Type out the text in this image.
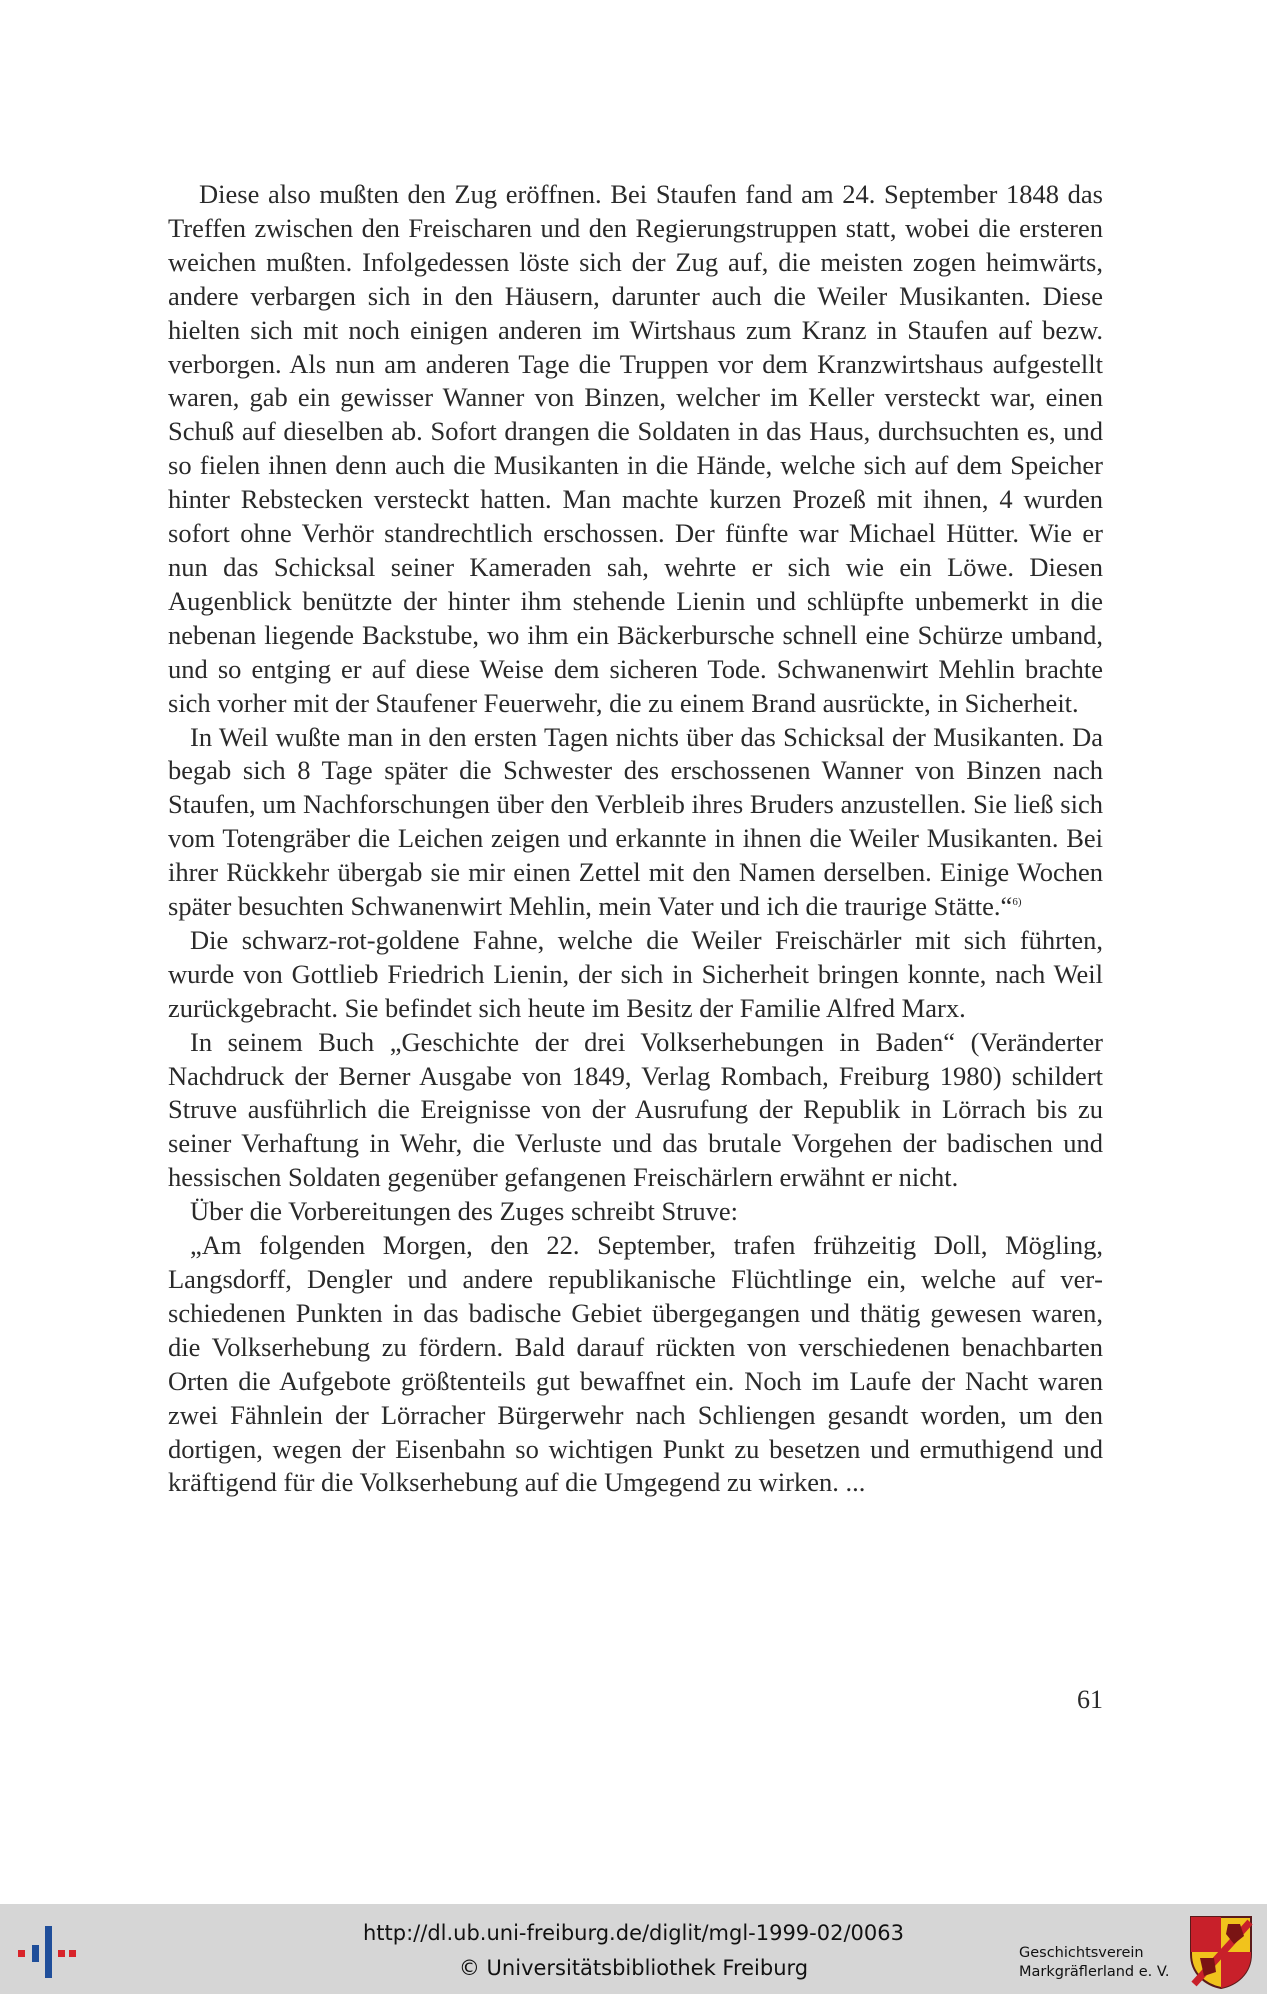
Diese also mußten den Zug eröffnen. Bei Staufen fand am 24. September 1848 das Treffen zwischen den Freischaren und den Regierungstruppen statt, wobei die ersteren weichen mußten. Infolgedessen löste sich der Zug auf, die meisten zogen heimwärts, andere verbargen sich in den Häusern, darunter auch die Weiler Musikanten. Diese hielten sich mit noch einigen anderen im Wirtshaus zum Kranz in Staufen auf bezw. verborgen. Als nun am anderen Tage die Truppen vor dem Kranzwirtshaus aufgestellt waren, gab ein gewisser Wanner von Binzen, welcher im Keller versteckt war, einen Schuß auf dieselben ab. Sofort drangen die Soldaten in das Haus, durchsuchten es, und so fielen ihnen denn auch die Musikanten in die Hände, welche sich auf dem Speicher hinter Rebstecken versteckt hatten. Man machte kurzen Prozeß mit ihnen, 4 wurden sofort ohne Verhör standrechtlich erschossen. Der fünfte war Michael Hütter. Wie er nun das Schicksal seiner Kameraden sah, wehrte er sich wie ein Löwe. Diesen Augenblick benützte der hinter ihm stehende Lienin und schlüpfte unbemerkt in die nebenan liegende Backstube, wo ihm ein Bäckerbursche schnell eine Schürze umband, und so entging er auf diese Weise dem sicheren Tode. Schwanenwirt Mehlin brachte sich vorher mit der Staufener Feuerwehr, die zu einem Brand ausrückte, in Sicherheit.

In Weil wußte man in den ersten Tagen nichts über das Schicksal der Musikanten. Da begab sich 8 Tage später die Schwester des erschossenen Wanner von Binzen nach Staufen, um Nachforschungen über den Verbleib ihres Bruders anzustellen. Sie ließ sich vom Totengräber die Leichen zeigen und erkannte in ihnen die Weiler Musikanten. Bei ihrer Rückkehr übergab sie mir einen Zettel mit den Namen derselben. Einige Wochen später besuchten Schwanenwirt Mehlin, mein Vater und ich die traurige Stätte.“$^{6)}$

Die schwarz-rot-goldene Fahne, welche die Weiler Freischärler mit sich führten, wurde von Gottlieb Friedrich Lienin, der sich in Sicherheit bringen konnte, nach Weil zurückgebracht. Sie befindet sich heute im Besitz der Familie Alfred Marx.

In seinem Buch „Geschichte der drei Volkserhebungen in Baden“ (Veränderter Nachdruck der Berner Ausgabe von 1849, Verlag Rombach, Freiburg 1980) schildert Struve ausführlich die Ereignisse von der Ausrufung der Republik in Lörrach bis zu seiner Verhaftung in Wehr, die Verluste und das brutale Vorgehen der badischen und hessischen Soldaten gegenüber gefangenen Freischärlern erwähnt er nicht.

Über die Vorbereitungen des Zuges schreibt Struve:

„Am folgenden Morgen, den 22. September, trafen frühzeitig Doll, Mögling, Langsdorff, Dengler und andere republikanische Flüchtlinge ein, welche auf verschiedenen Punkten in das badische Gebiet übergegangen und thätig gewesen waren, die Volkserhebung zu fördern. Bald darauf rückten von verschiedenen benachbarten Orten die Aufgebote größtenteils gut bewaffnet ein. Noch im Laufe der Nacht waren zwei Fähnlein der Lörracher Bürgerwehr nach Schliengen gesandt worden, um den dortigen, wegen der Eisenbahn so wichtigen Punkt zu besetzen und ermuthigend und kräftigend für die Volkserhebung auf die Umgegend zu wirken. ...

61
http://dl.ub.uni-freiburg.de/diglit/mgl-1999-02/0063
© Universitätsbibliothek Freiburg
Geschichtsverein
Markgräflerland e. V.
